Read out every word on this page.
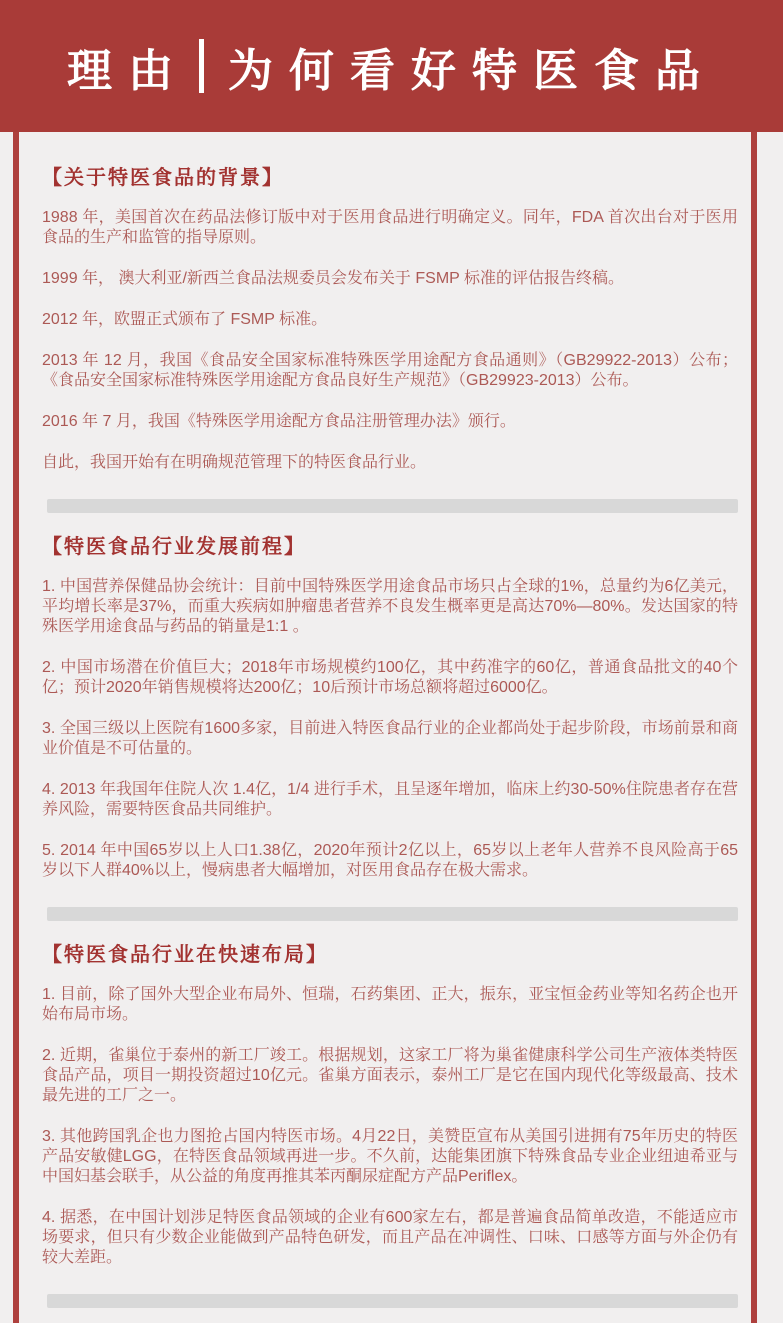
理由 为何看好特医食品
【关于特医食品的背景】

1988 年，美国首次在药品法修订版中对于医用食品进行明确定义。同年，FDA 首次出台对于医用食品的生产和监管的指导原则。

1999 年， 澳大利亚/新西兰食品法规委员会发布关于 FSMP 标准的评估报告终稿。

2012 年，欧盟正式颁布了 FSMP 标准。

2013 年 12 月，我国《食品安全国家标准特殊医学用途配方食品通则》（GB29922-2013）公布；《食品安全国家标准特殊医学用途配方食品良好生产规范》（GB29923-2013）公布。

2016 年 7 月，我国《特殊医学用途配方食品注册管理办法》颁行。

自此，我国开始有在明确规范管理下的特医食品行业。

【特医食品行业发展前程】

1. 中国营养保健品协会统计：目前中国特殊医学用途食品市场只占全球的1%，总量约为6亿美元，平均增长率是37%，而重大疾病如肿瘤患者营养不良发生概率更是高达70%—80%。发达国家的特殊医学用途食品与药品的销量是1:1 。

2. 中国市场潜在价值巨大；2018年市场规模约100亿，其中药准字的60亿，普通食品批文的40个亿；预计2020年销售规模将达200亿；10后预计市场总额将超过6000亿。

3. 全国三级以上医院有1600多家，目前进入特医食品行业的企业都尚处于起步阶段，市场前景和商业价值是不可估量的。

4. 2013 年我国年住院人次 1.4亿，1/4 进行手术，且呈逐年增加，临床上约30-50%住院患者存在营养风险，需要特医食品共同维护。

5. 2014 年中国65岁以上人口1.38亿，2020年预计2亿以上，65岁以上老年人营养不良风险高于65岁以下人群40%以上，慢病患者大幅增加，对医用食品存在极大需求。

【特医食品行业在快速布局】

1. 目前，除了国外大型企业布局外、恒瑞，石药集团、正大，振东，亚宝恒金药业等知名药企也开始布局市场。

2. 近期，雀巢位于泰州的新工厂竣工。根据规划，这家工厂将为巢雀健康科学公司生产液体类特医食品产品，项目一期投资超过10亿元。雀巢方面表示，泰州工厂是它在国内现代化等级最高、技术最先进的工厂之一。

3. 其他跨国乳企也力图抢占国内特医市场。4月22日，美赞臣宣布从美国引进拥有75年历史的特医产品安敏健LGG，在特医食品领域再进一步。不久前，达能集团旗下特殊食品专业企业纽迪希亚与中国妇基会联手，从公益的角度再推其苯丙酮尿症配方产品Periflex。

4. 据悉，在中国计划涉足特医食品领域的企业有600家左右，都是普遍食品简单改造，不能适应市场要求，但只有少数企业能做到产品特色研发，而且产品在冲调性、口味、口感等方面与外企仍有较大差距。
